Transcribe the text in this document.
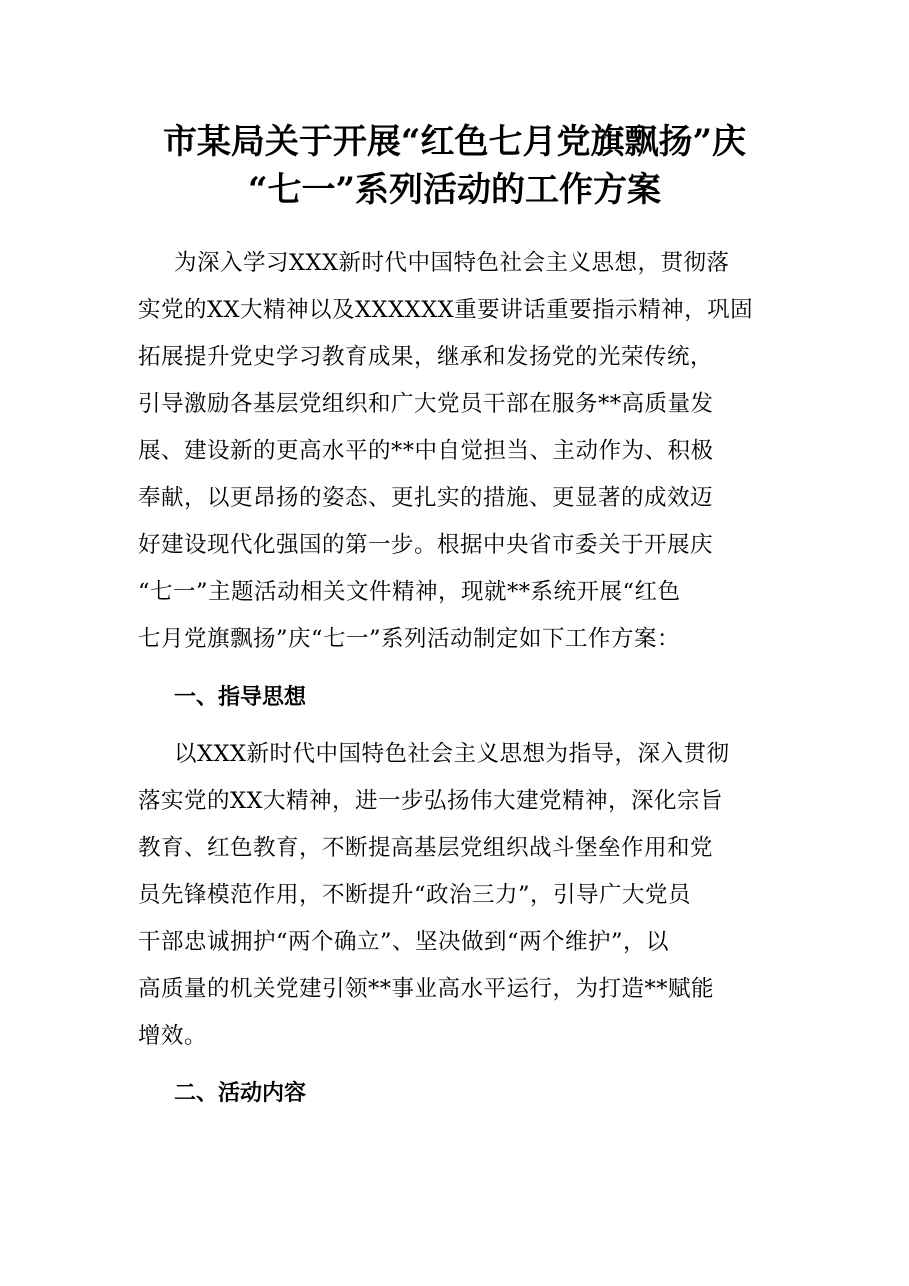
市某局关于开展“红色七月党旗飘扬”庆
“七一”系列活动的工作方案
为深入学习XXX新时代中国特色社会主义思想，贯彻落
实党的XX大精神以及XXXXXX重要讲话重要指示精神，巩固
拓展提升党史学习教育成果，继承和发扬党的光荣传统，
引导激励各基层党组织和广大党员干部在服务**高质量发
展、建设新的更高水平的**中自觉担当、主动作为、积极
奉献，以更昂扬的姿态、更扎实的措施、更显著的成效迈
好建设现代化强国的第一步。根据中央省市委关于开展庆
“七一”主题活动相关文件精神，现就**系统开展“红色
七月党旗飘扬”庆“七一”系列活动制定如下工作方案：
一、指导思想
以XXX新时代中国特色社会主义思想为指导，深入贯彻
落实党的XX大精神，进一步弘扬伟大建党精神，深化宗旨
教育、红色教育，不断提高基层党组织战斗堡垒作用和党
员先锋模范作用，不断提升“政治三力”，引导广大党员
干部忠诚拥护“两个确立”、坚决做到“两个维护”，以
高质量的机关党建引领**事业高水平运行，为打造**赋能
增效。
二、活动内容
